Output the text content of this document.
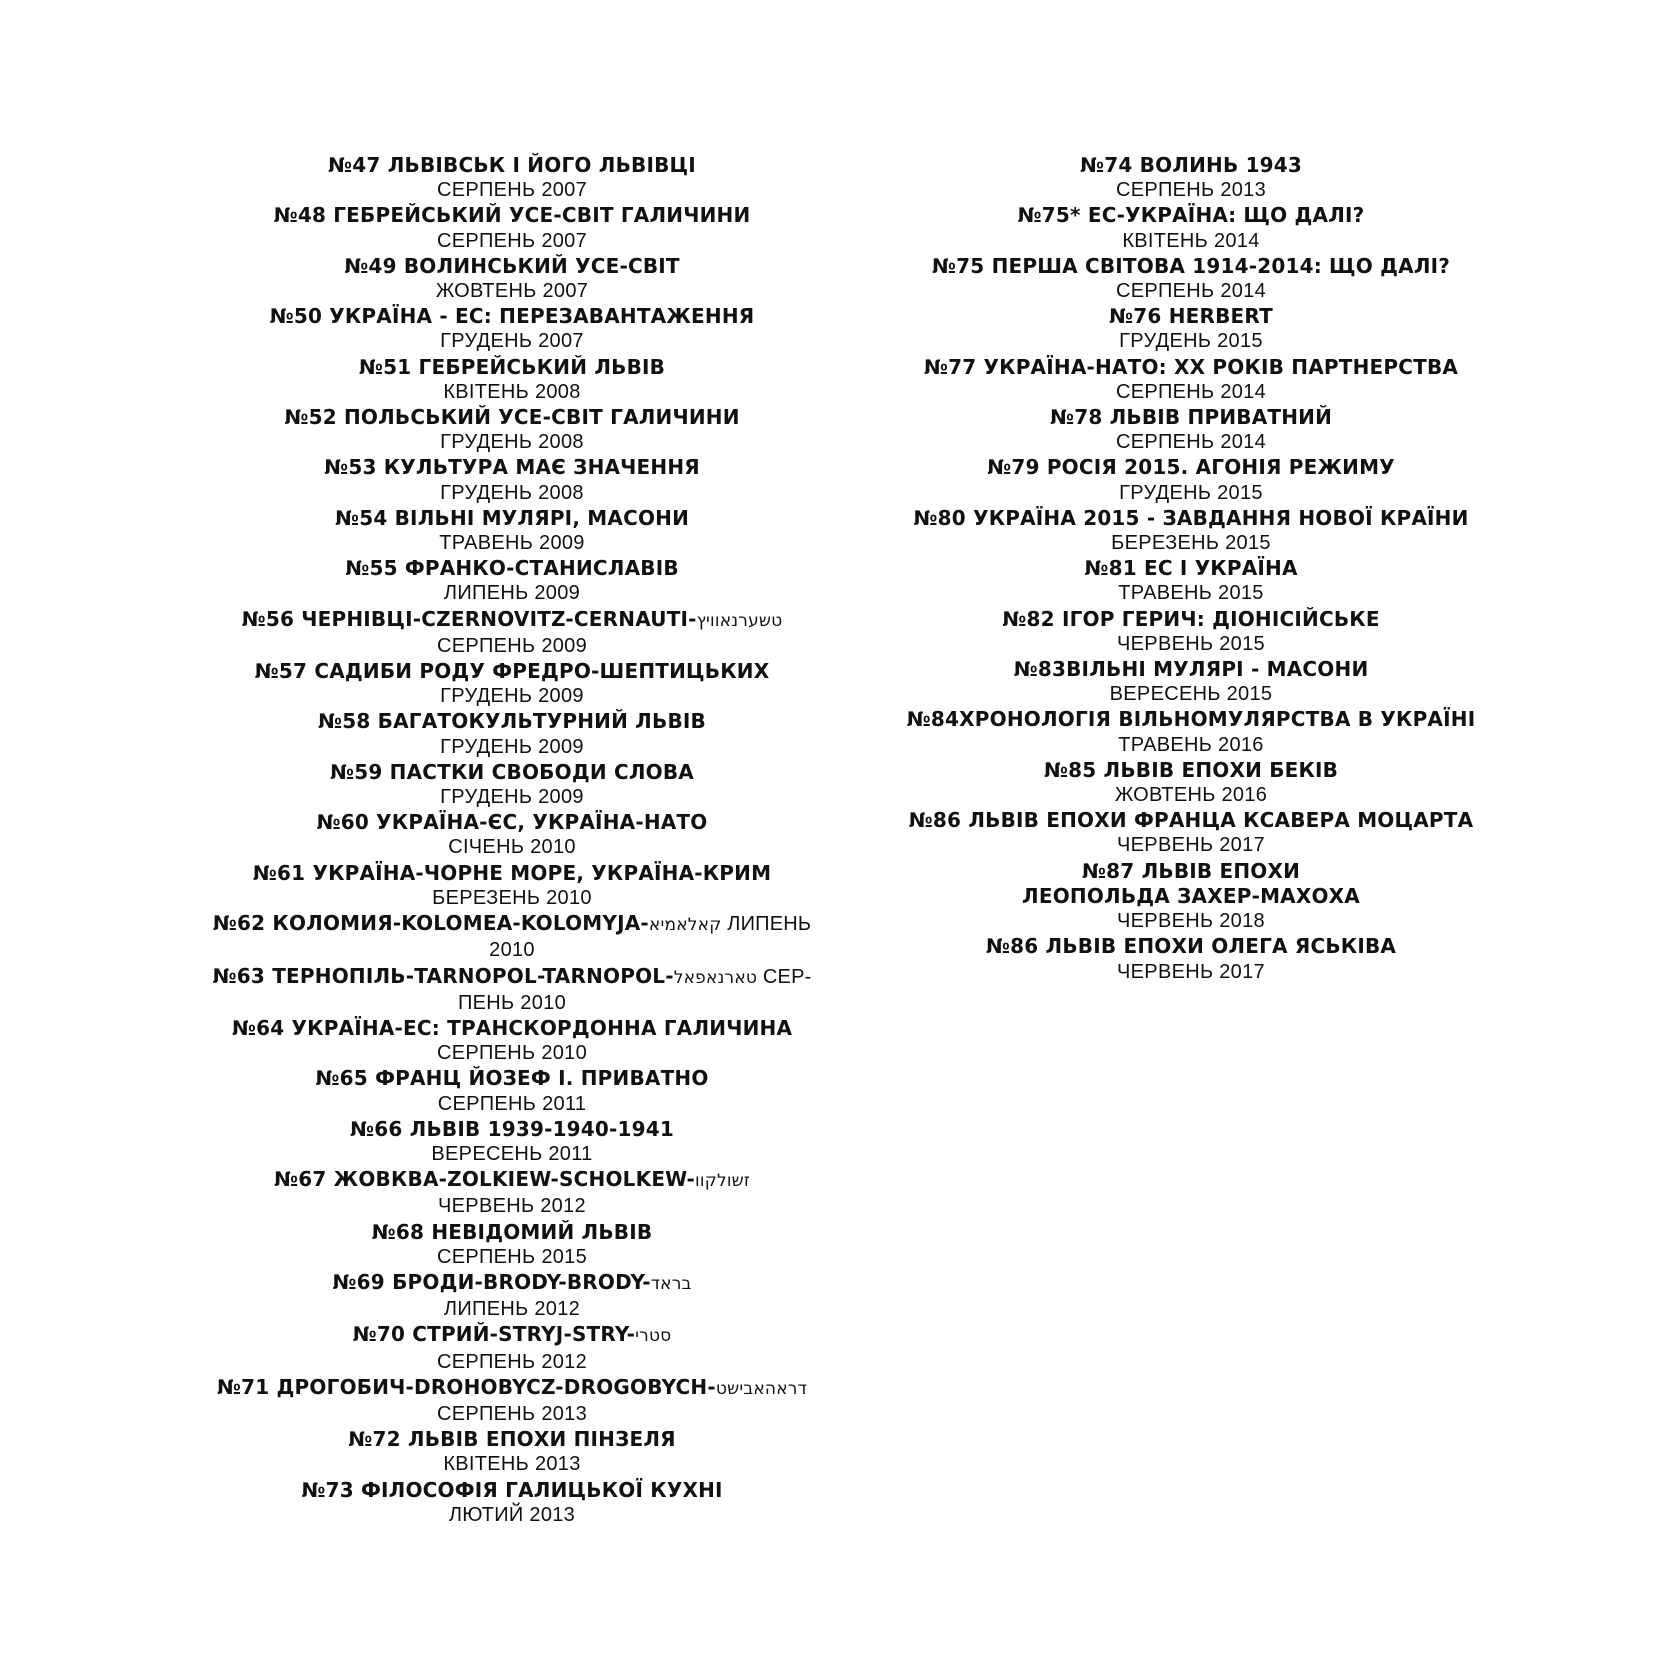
№47 ЛЬВІВСЬК І ЙОГО ЛЬВІВЦІ
СЕРПЕНЬ 2007
№48 ГЕБРЕЙСЬКИЙ УСЕ-СВІТ ГАЛИЧИНИ
СЕРПЕНЬ 2007
№49 ВОЛИНСЬКИЙ УСЕ-СВІТ
ЖОВТЕНЬ 2007
№50 УКРАЇНА - ЕС: ПЕРЕЗАВАНТАЖЕННЯ
ГРУДЕНЬ 2007
№51 ГЕБРЕЙСЬКИЙ ЛЬВІВ
КВІТЕНЬ 2008
№52 ПОЛЬСЬКИЙ УСЕ-СВІТ ГАЛИЧИНИ
ГРУДЕНЬ 2008
№53 КУЛЬТУРА МАЄ ЗНАЧЕННЯ
ГРУДЕНЬ 2008
№54 ВІЛЬНІ МУЛЯРІ, МАСОНИ
ТРАВЕНЬ 2009
№55 ФРАНКО-СТАНИСЛАВІВ
ЛИПЕНЬ 2009
№56 ЧЕРНІВЦІ-CZERNOVITZ-CERNAUTI-טשערנאוויץ
СЕРПЕНЬ 2009
№57 САДИБИ РОДУ ФРЕДРО-ШЕПТИЦЬКИХ
ГРУДЕНЬ 2009
№58 БАГАТОКУЛЬТУРНИЙ ЛЬВІВ
ГРУДЕНЬ 2009
№59 ПАСТКИ СВОБОДИ СЛОВА
ГРУДЕНЬ 2009
№60 УКРАЇНА-ЄС, УКРАЇНА-НАТО
СІЧЕНЬ 2010
№61 УКРАЇНА-ЧОРНЕ МОРЕ, УКРАЇНА-КРИМ
БЕРЕЗЕНЬ 2010
№62 КОЛОМИЯ-KOLOMEA-KOLOMYJA-קאלאמיא ЛИПЕНЬ
2010
№63 ТЕРНОПІЛЬ-TARNOPOL-TARNOPOL-טארנאפאל СЕР-
ПЕНЬ 2010
№64 УКРАЇНА-ЕС: ТРАНСКОРДОННА ГАЛИЧИНА
СЕРПЕНЬ 2010
№65 ФРАНЦ ЙОЗЕФ І. ПРИВАТНО
СЕРПЕНЬ 2011
№66 ЛЬВІВ 1939-1940-1941
ВЕРЕСЕНЬ 2011
№67 ЖОВКВА-ZOLKIEW-SCHOLKEW-זשולקוו
ЧЕРВЕНЬ 2012
№68 НЕВІДОМИЙ ЛЬВІВ
СЕРПЕНЬ 2015
№69 БРОДИ-BRODY-BRODY-בראד
ЛИПЕНЬ 2012
№70 СТРИЙ-STRYJ-STRY-סטרי
СЕРПЕНЬ 2012
№71 ДРОГОБИЧ-DROHOBYCZ-DROGOBYCH-דראהאבישט
СЕРПЕНЬ 2013
№72 ЛЬВІВ ЕПОХИ ПІНЗЕЛЯ
КВІТЕНЬ 2013
№73 ФІЛОСОФІЯ ГАЛИЦЬКОЇ КУХНІ
ЛЮТИЙ 2013
№74 ВОЛИНЬ 1943
СЕРПЕНЬ 2013
№75* ЕС-УКРАЇНА: ЩО ДАЛІ?
КВІТЕНЬ 2014
№75 ПЕРША СВІТОВА 1914-2014: ЩО ДАЛІ?
СЕРПЕНЬ 2014
№76 HERBERT
ГРУДЕНЬ 2015
№77 УКРАЇНА-НАТО: ХХ РОКІВ ПАРТНЕРСТВА
СЕРПЕНЬ 2014
№78 ЛЬВІВ ПРИВАТНИЙ
СЕРПЕНЬ 2014
№79 РОСІЯ 2015. АГОНІЯ РЕЖИМУ
ГРУДЕНЬ 2015
№80 УКРАЇНА 2015 - ЗАВДАННЯ НОВОЇ КРАЇНИ
БЕРЕЗЕНЬ 2015
№81 ЕС І УКРАЇНА
ТРАВЕНЬ 2015
№82 ІГОР ГЕРИЧ: ДІОНІСІЙСЬКЕ
ЧЕРВЕНЬ 2015
№83ВІЛЬНІ МУЛЯРІ - МАСОНИ
ВЕРЕСЕНЬ 2015
№84ХРОНОЛОГІЯ ВІЛЬНОМУЛЯРСТВА В УКРАЇНІ
ТРАВЕНЬ 2016
№85 ЛЬВІВ ЕПОХИ БЕКІВ
ЖОВТЕНЬ 2016
№86 ЛЬВІВ ЕПОХИ ФРАНЦА КСАВЕРА МОЦАРТА
ЧЕРВЕНЬ 2017
№87 ЛЬВІВ ЕПОХИ
ЛЕОПОЛЬДА ЗАХЕР-МАХОХА
ЧЕРВЕНЬ 2018
№86 ЛЬВІВ ЕПОХИ ОЛЕГА ЯСЬКІВА
ЧЕРВЕНЬ 2017
